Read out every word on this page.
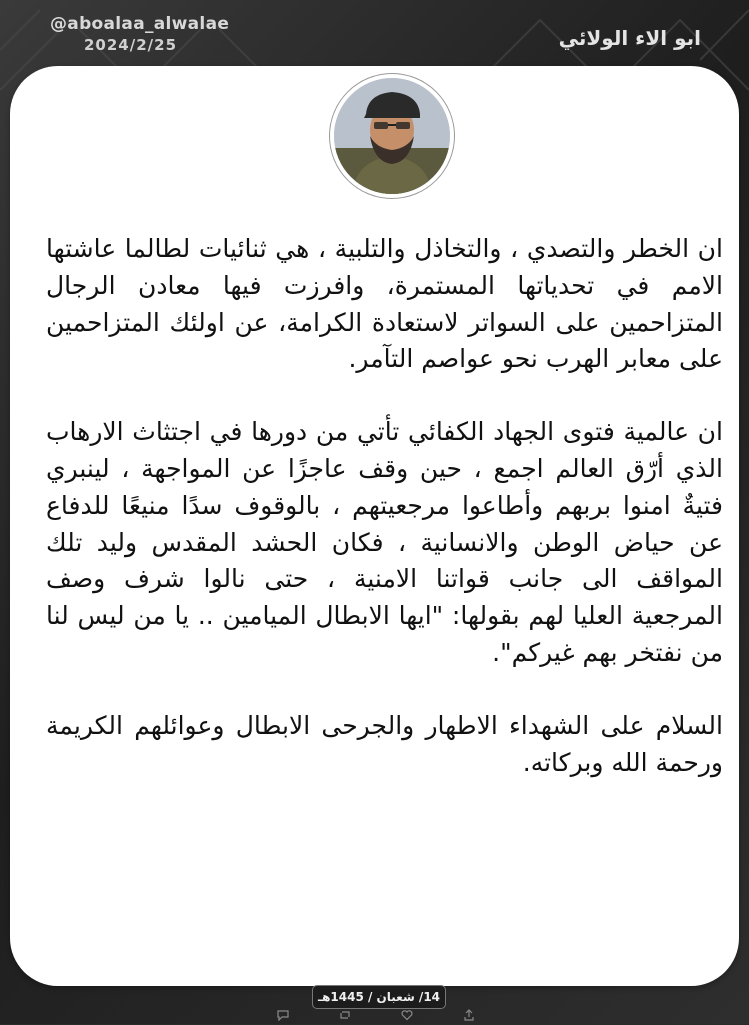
@aboalaa_alwalae
2024/2/25	ابو الاء الولائي

ان الخطر والتصدي ، والتخاذل والتلبية ، هي ثنائيات لطالما عاشتها الامم في تحدياتها المستمرة، وافرزت فيها معادن الرجال المتزاحمين على السواتر لاستعادة الكرامة، عن اولئك المتزاحمين على معابر الهرب نحو عواصم التآمر.

ان عالمية فتوى الجهاد الكفائي تأتي من دورها في اجتثاث الارهاب الذي أرّق العالم اجمع ، حين وقف عاجزًا عن المواجهة ، لينبري فتيةٌ امنوا بربهم وأطاعوا مرجعيتهم ، بالوقوف سدًا منيعًا للدفاع عن حياض الوطن والانسانية ، فكان الحشد المقدس وليد تلك المواقف الى جانب قواتنا الامنية ، حتى نالوا شرف وصف المرجعية العليا لهم بقولها: "ايها الابطال الميامين .. يا من ليس لنا من نفتخر بهم غيركم".

السلام على الشهداء الاطهار والجرحى الابطال وعوائلهم الكريمة ورحمة الله وبركاته.

14/ شعبان / 1445هـ
